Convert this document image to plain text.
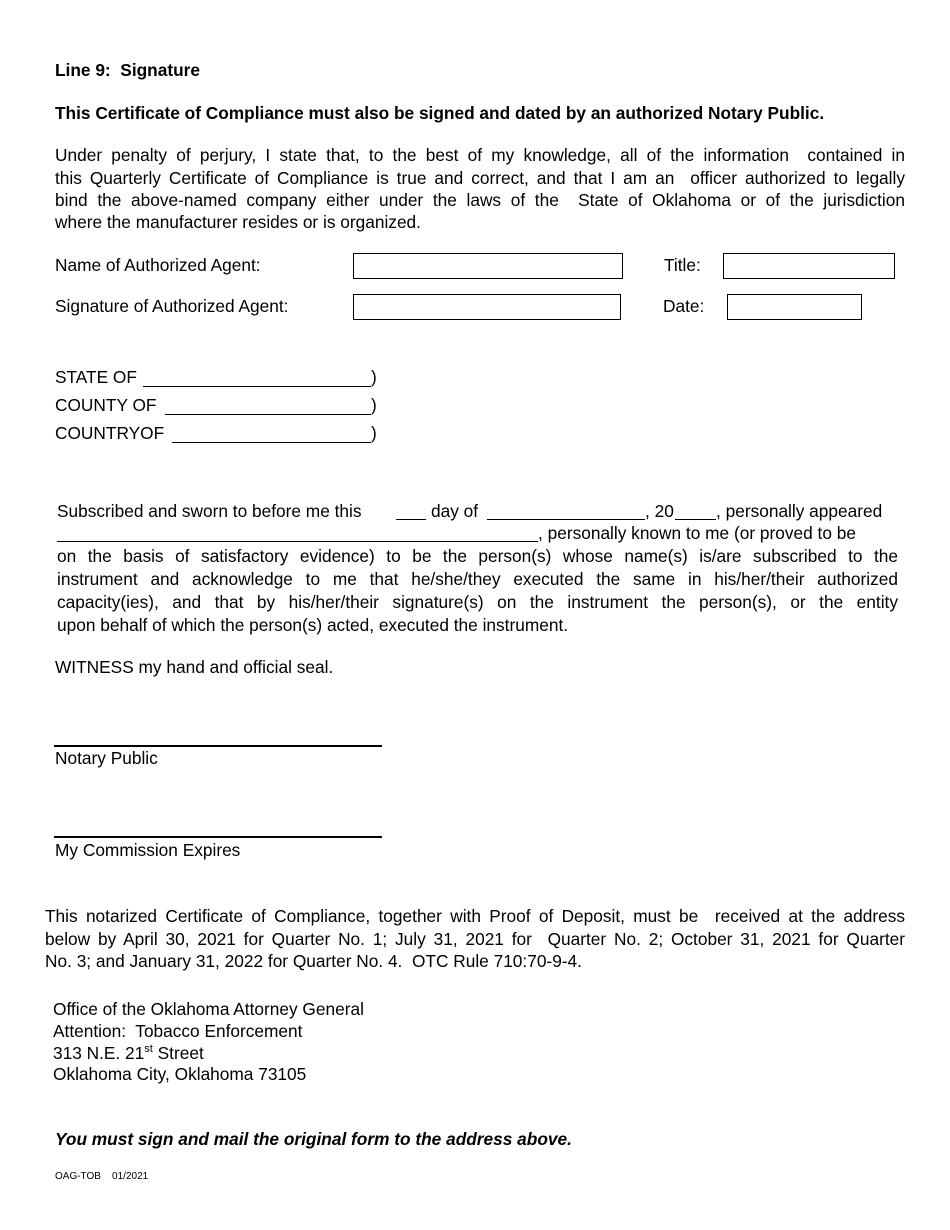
Line 9:  Signature
This Certificate of Compliance must also be signed and dated by an authorized Notary Public.
Under penalty of perjury, I state that, to the best of my knowledge, all of the information  contained in
this Quarterly Certificate of Compliance is true and correct, and that I am an  officer authorized to legally
bind the above-named company either under the laws of the  State of Oklahoma or of the jurisdiction
where the manufacturer resides or is organized.
Name of Authorized Agent:	Title:
Signature of Authorized Agent:	Date:
STATE OF	)
COUNTY OF	)
COUNTRYOF	)
Subscribed and sworn to before me this	day of	, 20 , personally appeared
, personally known to me (or proved to be
on the basis of satisfactory evidence) to be the person(s) whose name(s) is/are subscribed to the
instrument and acknowledge to me that he/she/they executed the same in his/her/their authorized
capacity(ies), and that by his/her/their signature(s) on the instrument the person(s), or the entity
upon behalf of which the person(s) acted, executed the instrument.
WITNESS my hand and official seal.
Notary Public
My Commission Expires
This notarized Certificate of Compliance, together with Proof of Deposit, must be  received at the address
below by April 30, 2021 for Quarter No. 1; July 31, 2021 for  Quarter No. 2; October 31, 2021 for Quarter
No. 3; and January 31, 2022 for Quarter No. 4.  OTC Rule 710:70-9-4.
Office of the Oklahoma Attorney General
Attention:  Tobacco Enforcement
313 N.E. 21st Street
Oklahoma City, Oklahoma 73105
You must sign and mail the original form to the address above.
OAG-TOB    01/2021
